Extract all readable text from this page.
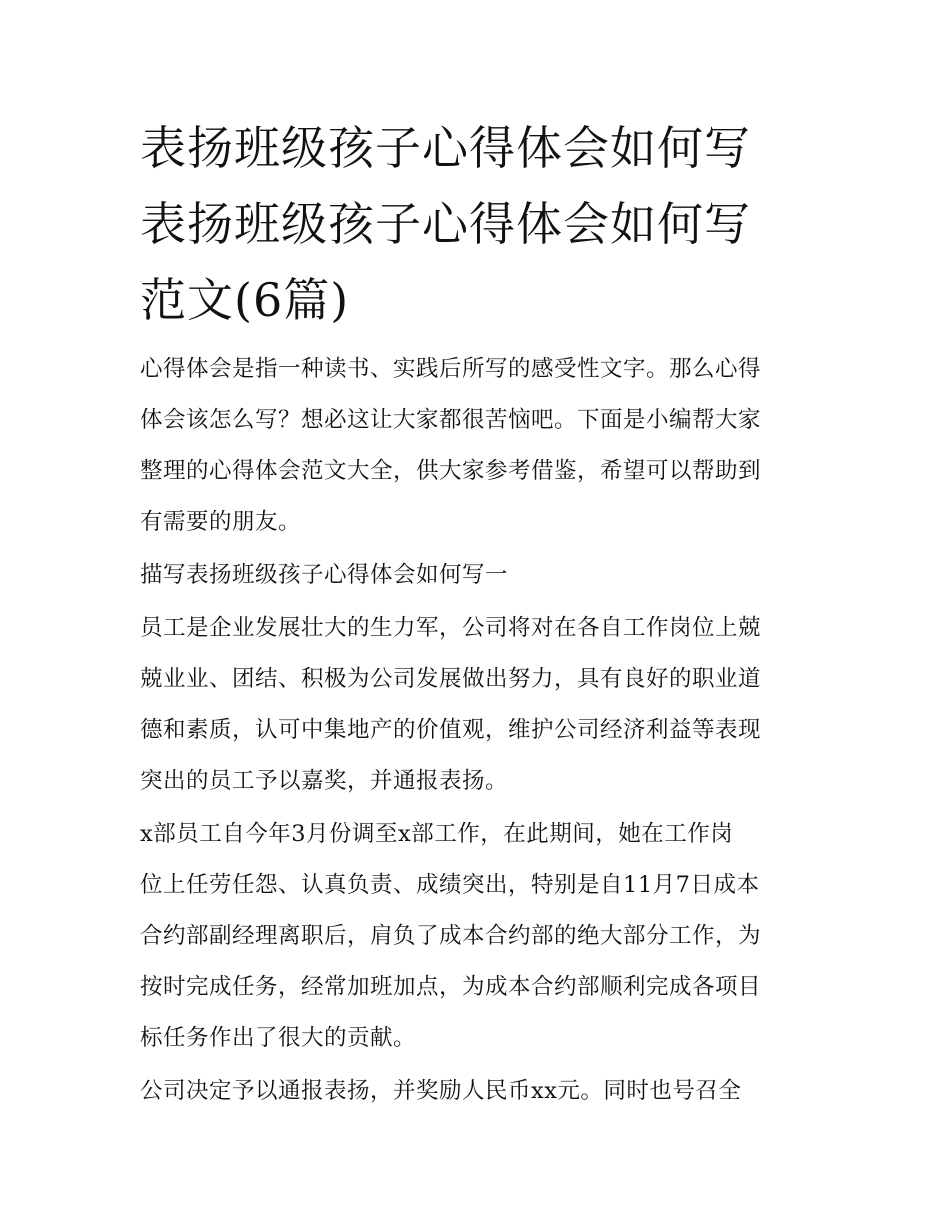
表扬班级孩子心得体会如何写
表扬班级孩子心得体会如何写
范文(6篇)

心得体会是指一种读书、实践后所写的感受性文字。那么心得
体会该怎么写？想必这让大家都很苦恼吧。下面是小编帮大家
整理的心得体会范文大全，供大家参考借鉴，希望可以帮助到
有需要的朋友。

描写表扬班级孩子心得体会如何写一

员工是企业发展壮大的生力军，公司将对在各自工作岗位上兢
兢业业、团结、积极为公司发展做出努力，具有良好的职业道
德和素质，认可中集地产的价值观，维护公司经济利益等表现
突出的员工予以嘉奖，并通报表扬。

x部员工自今年3月份调至x部工作，在此期间，她在工作岗
位上任劳任怨、认真负责、成绩突出，特别是自11月7日成本
合约部副经理离职后，肩负了成本合约部的绝大部分工作，为
按时完成任务，经常加班加点，为成本合约部顺利完成各项目
标任务作出了很大的贡献。

公司决定予以通报表扬，并奖励人民币xx元。同时也号召全
